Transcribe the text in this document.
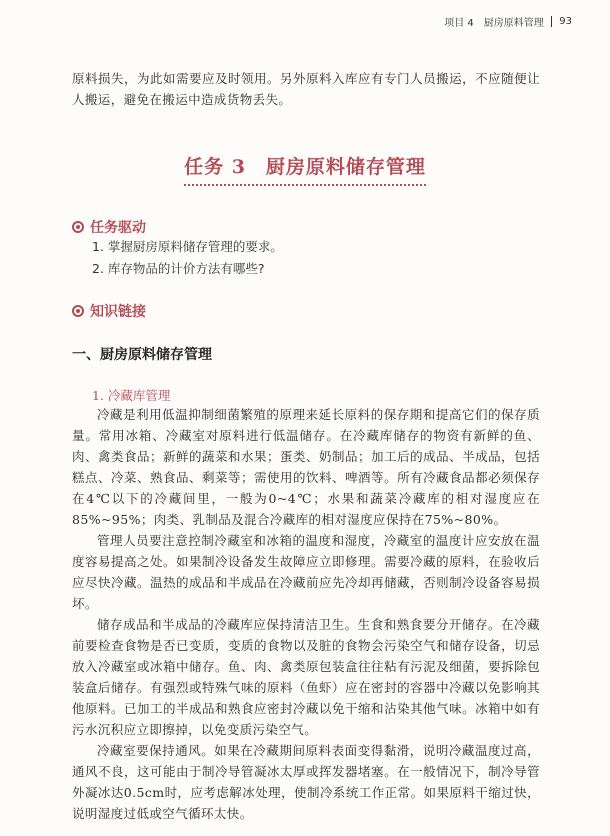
项目 4　厨房原料管理 93

原料损失，为此如需要应及时领用。另外原料入库应有专门人员搬运，不应随便让人搬运，避免在搬运中造成货物丢失。

任务 3　厨房原料储存管理
任务驱动
1. 掌握厨房原料储存管理的要求。
2. 库存物品的计价方法有哪些?
知识链接
一、厨房原料储存管理
1. 冷藏库管理

冷藏是利用低温抑制细菌繁殖的原理来延长原料的保存期和提高它们的保存质量。常用冰箱、冷藏室对原料进行低温储存。在冷藏库储存的物资有新鲜的鱼、肉、禽类食品；新鲜的蔬菜和水果；蛋类、奶制品；加工后的成品、半成品，包括糕点、冷菜、熟食品、剩菜等；需使用的饮料、啤酒等。所有冷藏食品都必须保存在4℃以下的冷藏间里，一般为0~4℃；水果和蔬菜冷藏库的相对湿度应在85%~95%；肉类、乳制品及混合冷藏库的相对湿度应保持在75%~80%。

管理人员要注意控制冷藏室和冰箱的温度和湿度，冷藏室的温度计应安放在温度容易提高之处。如果制冷设备发生故障应立即修理。需要冷藏的原料，在验收后应尽快冷藏。温热的成品和半成品在冷藏前应先冷却再储藏，否则制冷设备容易损坏。

储存成品和半成品的冷藏库应保持清洁卫生。生食和熟食要分开储存。在冷藏前要检查食物是否已变质，变质的食物以及脏的食物会污染空气和储存设备，切忌放入冷藏室或冰箱中储存。鱼、肉、禽类原包装盒往往粘有污泥及细菌，要拆除包装盒后储存。有强烈或特殊气味的原料（鱼虾）应在密封的容器中冷藏以免影响其他原料。已加工的半成品和熟食应密封冷藏以免干缩和沾染其他气味。冰箱中如有污水沉积应立即擦掉，以免变质污染空气。

冷藏室要保持通风。如果在冷藏期间原料表面变得黏滑，说明冷藏温度过高，通风不良，这可能由于制冷导管凝冰太厚或挥发器堵塞。在一般情况下，制冷导管外凝冰达0.5cm时，应考虑解冰处理，使制冷系统工作正常。如果原料干缩过快，说明湿度过低或空气循环太快。
